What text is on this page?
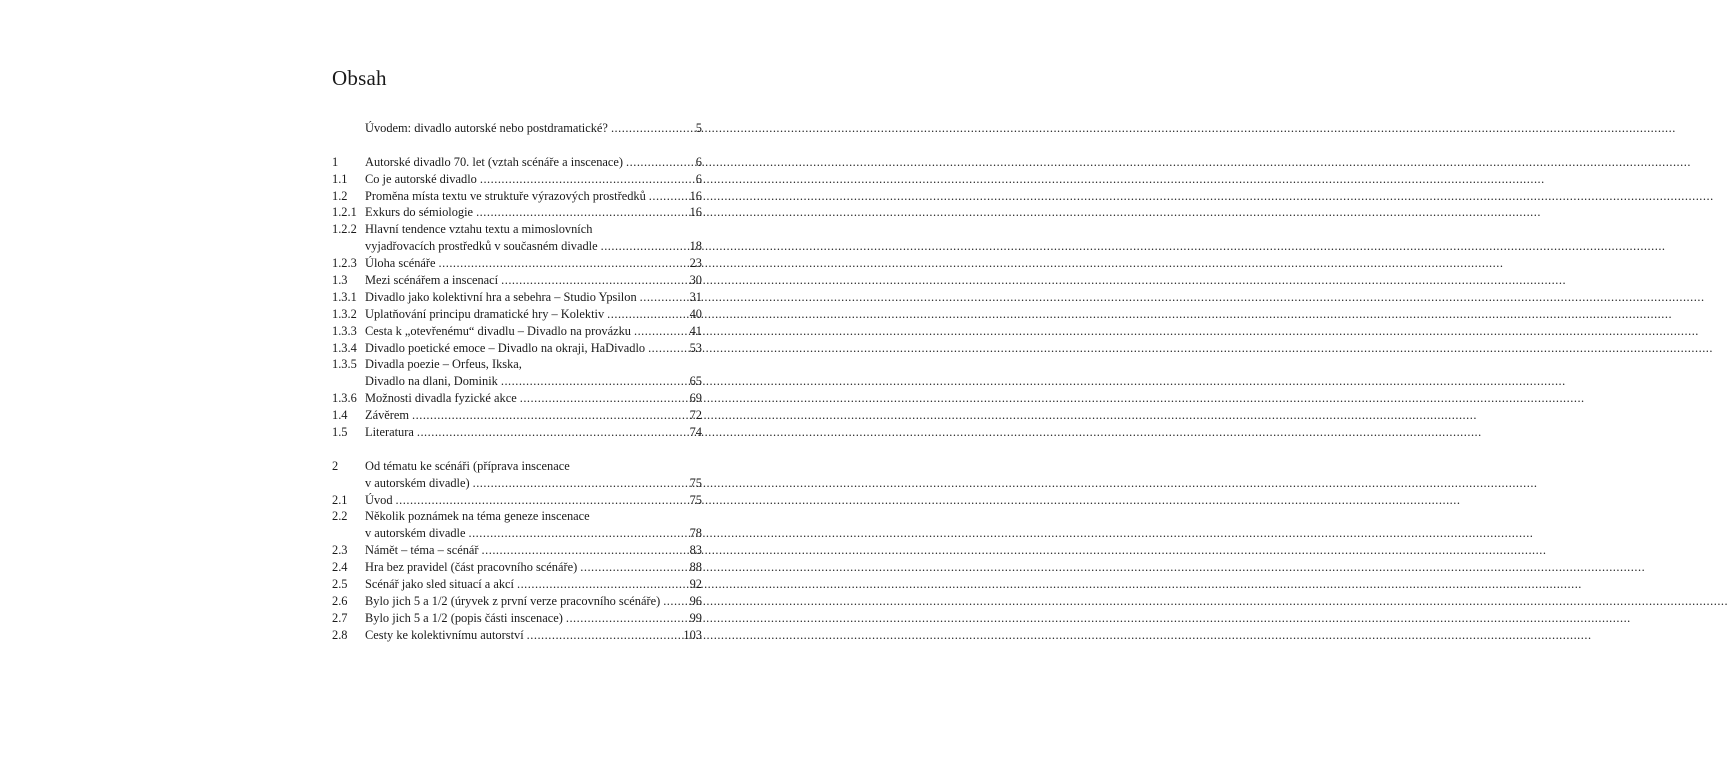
Obsah
Úvodem: divadlo autorské nebo postdramatické? .....	5
1	Autorské divadlo 70. let (vztah scénáře a inscenace) .....	6
1.1	Co je autorské divadlo .....	6
1.2	Proměna místa textu ve struktuře výrazových prostředků .....	16
1.2.1 Exkurs do sémiologie .....	16
1.2.2 Hlavní tendence vztahu textu a mimoslovních
vyjadřovacích prostředků v současném divadle .....	18
1.2.3 Úloha scénáře .....	23
1.3	Mezi scénářem a inscenací .....	30
1.3.1 Divadlo jako kolektivní hra a sebehra – Studio Ypsilon .....	31
1.3.2 Uplatňování principu dramatické hry – Kolektiv .....	40
1.3.3 Cesta k „otevřenému“ divadlu – Divadlo na provázku .....	41
1.3.4 Divadlo poetické emoce – Divadlo na okraji, HaDivadlo .....	53
1.3.5 Divadla poezie – Orfeus, Ikska,
Divadlo na dlani, Dominik .....	65
1.3.6 Možnosti divadla fyzické akce .....	69
1.4	Závěrem .....	72
1.5	Literatura .....	74
2	Od tématu ke scénáři (příprava inscenace
v autorském divadle) .....	75
2.1	Úvod .....	75
2.2	Několik poznámek na téma geneze inscenace
v autorském divadle .....	78
2.3	Námět – téma – scénář .....	83
2.4	Hra bez pravidel (část pracovního scénáře) .....	88
2.5	Scénář jako sled situací a akcí .....	92
2.6	Bylo jich 5 a 1/2 (úryvek z první verze pracovního scénáře) ..... 96
2.7	Bylo jich 5 a 1/2 (popis části inscenace) .....	99
2.8	Cesty ke kolektivnímu autorství .....	103
